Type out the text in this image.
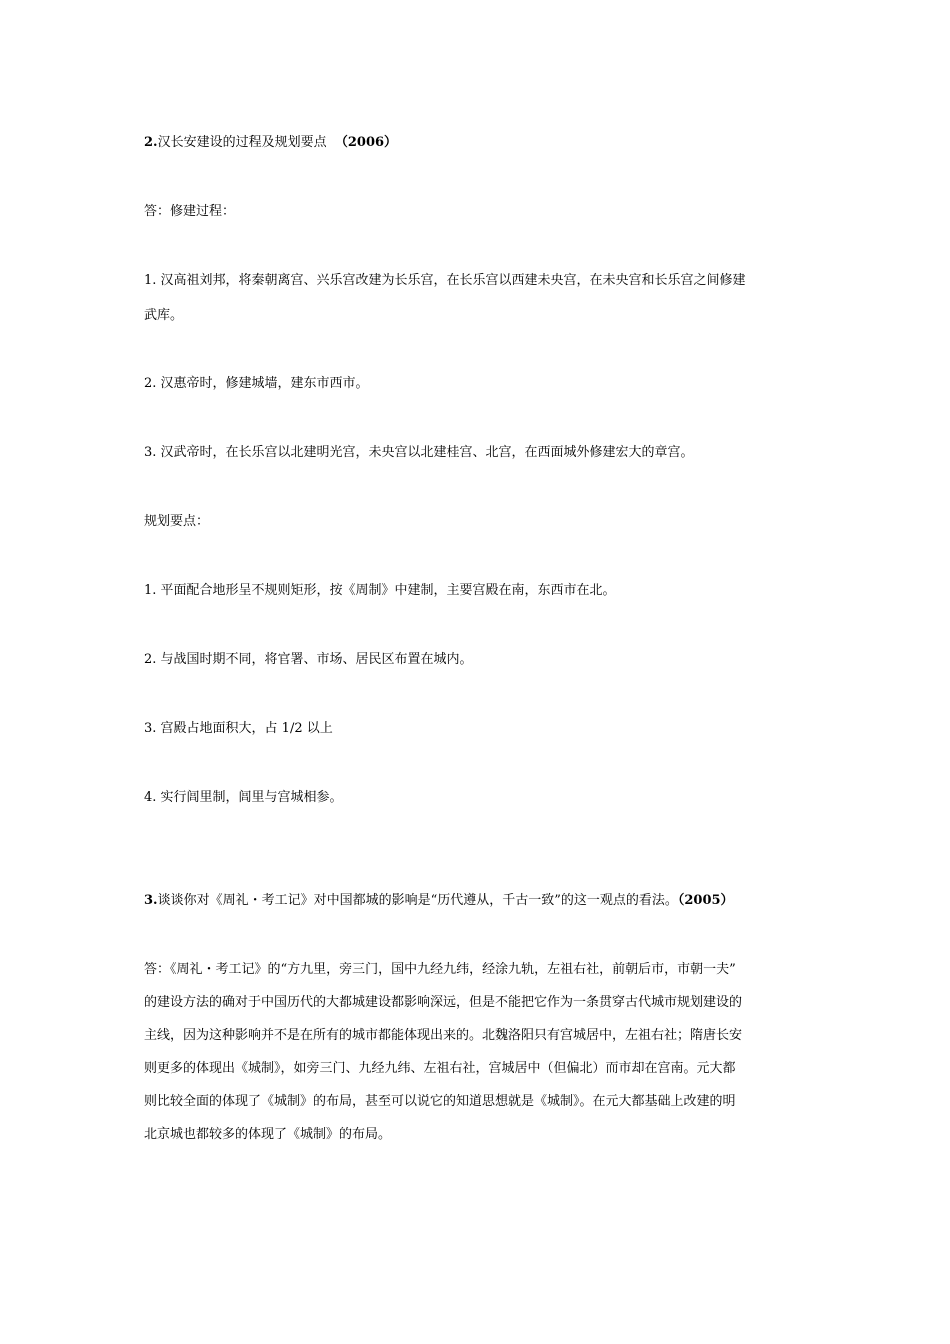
2.汉长安建设的过程及规划要点 （2006）
答：修建过程：
1. 汉高祖刘邦，将秦朝离宫、兴乐宫改建为长乐宫，在长乐宫以西建未央宫，在未央宫和长乐宫之间修建
武库。
2. 汉惠帝时，修建城墙，建东市西市。
3. 汉武帝时，在长乐宫以北建明光宫，未央宫以北建桂宫、北宫，在西面城外修建宏大的章宫。
规划要点：
1. 平面配合地形呈不规则矩形，按《周制》中建制，主要宫殿在南，东西市在北。
2. 与战国时期不同，将官署、市场、居民区布置在城内。
3. 宫殿占地面积大，占 1/2 以上
4. 实行闾里制，闾里与宫城相参。
3.谈谈你对《周礼・考工记》对中国都城的影响是“历代遵从，千古一致”的这一观点的看法。（2005）
答：《周礼・考工记》的“方九里，旁三门，国中九经九纬，经涂九轨，左祖右社，前朝后市，市朝一夫”
的建设方法的确对于中国历代的大都城建设都影响深远，但是不能把它作为一条贯穿古代城市规划建设的
主线，因为这种影响并不是在所有的城市都能体现出来的。北魏洛阳只有宫城居中，左祖右社；隋唐长安
则更多的体现出《城制》，如旁三门、九经九纬、左祖右社，宫城居中（但偏北）而市却在宫南。元大都
则比较全面的体现了《城制》的布局，甚至可以说它的知道思想就是《城制》。在元大都基础上改建的明
北京城也都较多的体现了《城制》的布局。
